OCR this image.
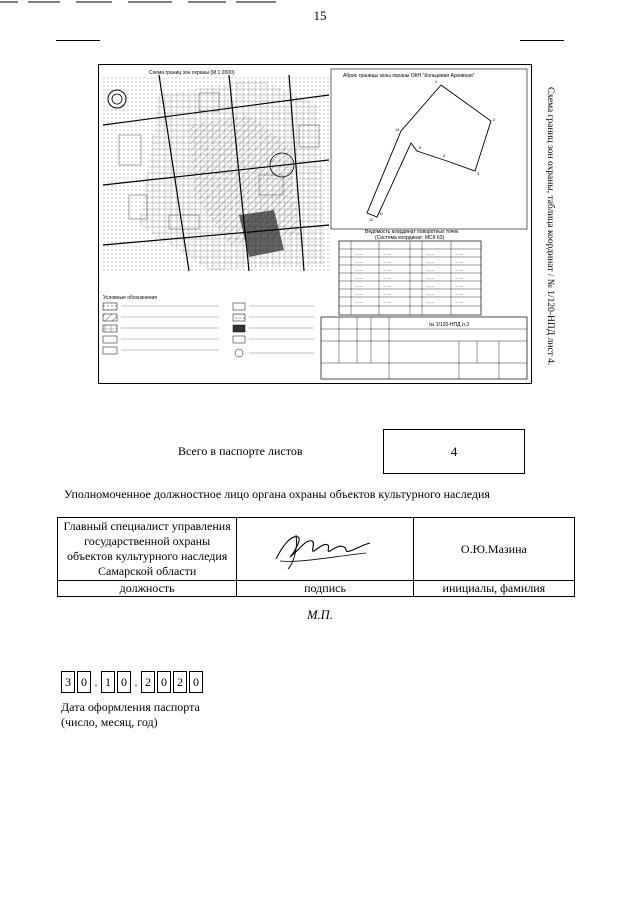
15
Схема границ зон охраны (М 1:2000)	Абрис границы зоны охраны ОКН "Кольцевая Архивная"
1
2
3
4
5
14
12
11
Ведомость координат поворотных точек
(Система координат: МСК 63)
— —	— —	— —	— —
— —	— —	— —	— —
— —	— —	— —	— —
— —	— —	— —	— —
— —	— —	— —	— —
— —	— —	— —	— —
— —	— —	— —	— —
Условные обозначения
№ 1/120-НПД л.3	Схема границ зон охраны, таблица координат / № 1/120-НПД лист 4.
Всего в паспорте листов	4
Уполномоченное должностное лицо органа охраны объектов культурного наследия
Главный специалист управления государственной охраны объектов культурного наследия Самарской области		О.Ю.Мазина
должность	подпись	инициалы, фамилия
М.П.
3 0 . 1 0 . 2 0 2 0
Дата оформления паспорта
(число, месяц, год)
